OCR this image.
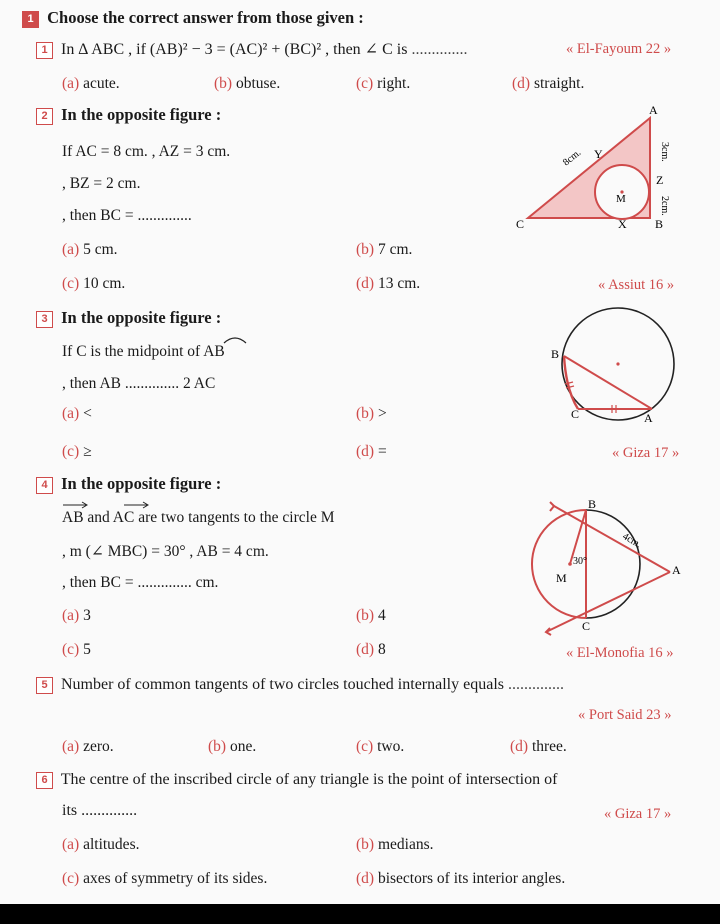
1 Choose the correct answer from those given :
1 In ∆ ABC , if (AB)² − 3 = (AC)² + (BC)² , then ∠ C is ..............	« El-Fayoum 22 »
(a) acute.	(b) obtuse.	(c) right.	(d) straight.
2 In the opposite figure :
If AC = 8 cm. , AZ = 3 cm.
, BZ = 2 cm.
, then BC = ..............
(a) 5 cm.	(b) 7 cm.
(c) 10 cm.	(d) 13 cm.	« Assiut 16 »
A
B
C	X
Y
Z
M
8cm.	3cm.
2cm.
3 In the opposite figure :
If C is the midpoint of AB
, then AB .............. 2 AC
(a) <	(b) >
(c) ≥	(d) =	« Giza 17 »
B
C	A
4 In the opposite figure :
AB and AC are two tangents to the circle M
, m (∠ MBC) = 30° , AB = 4 cm.
, then BC = .............. cm.
(a) 3	(b) 4
(c) 5	(d) 8	« El-Monofia 16 »
B
A
C
M
30°
4cm.
5 Number of common tangents of two circles touched internally equals ..............
« Port Said 23 »
(a) zero.	(b) one.	(c) two.	(d) three.
6 The centre of the inscribed circle of any triangle is the point of intersection of
its ..............	« Giza 17 »
(a) altitudes.	(b) medians.
(c) axes of symmetry of its sides.	(d) bisectors of its interior angles.
